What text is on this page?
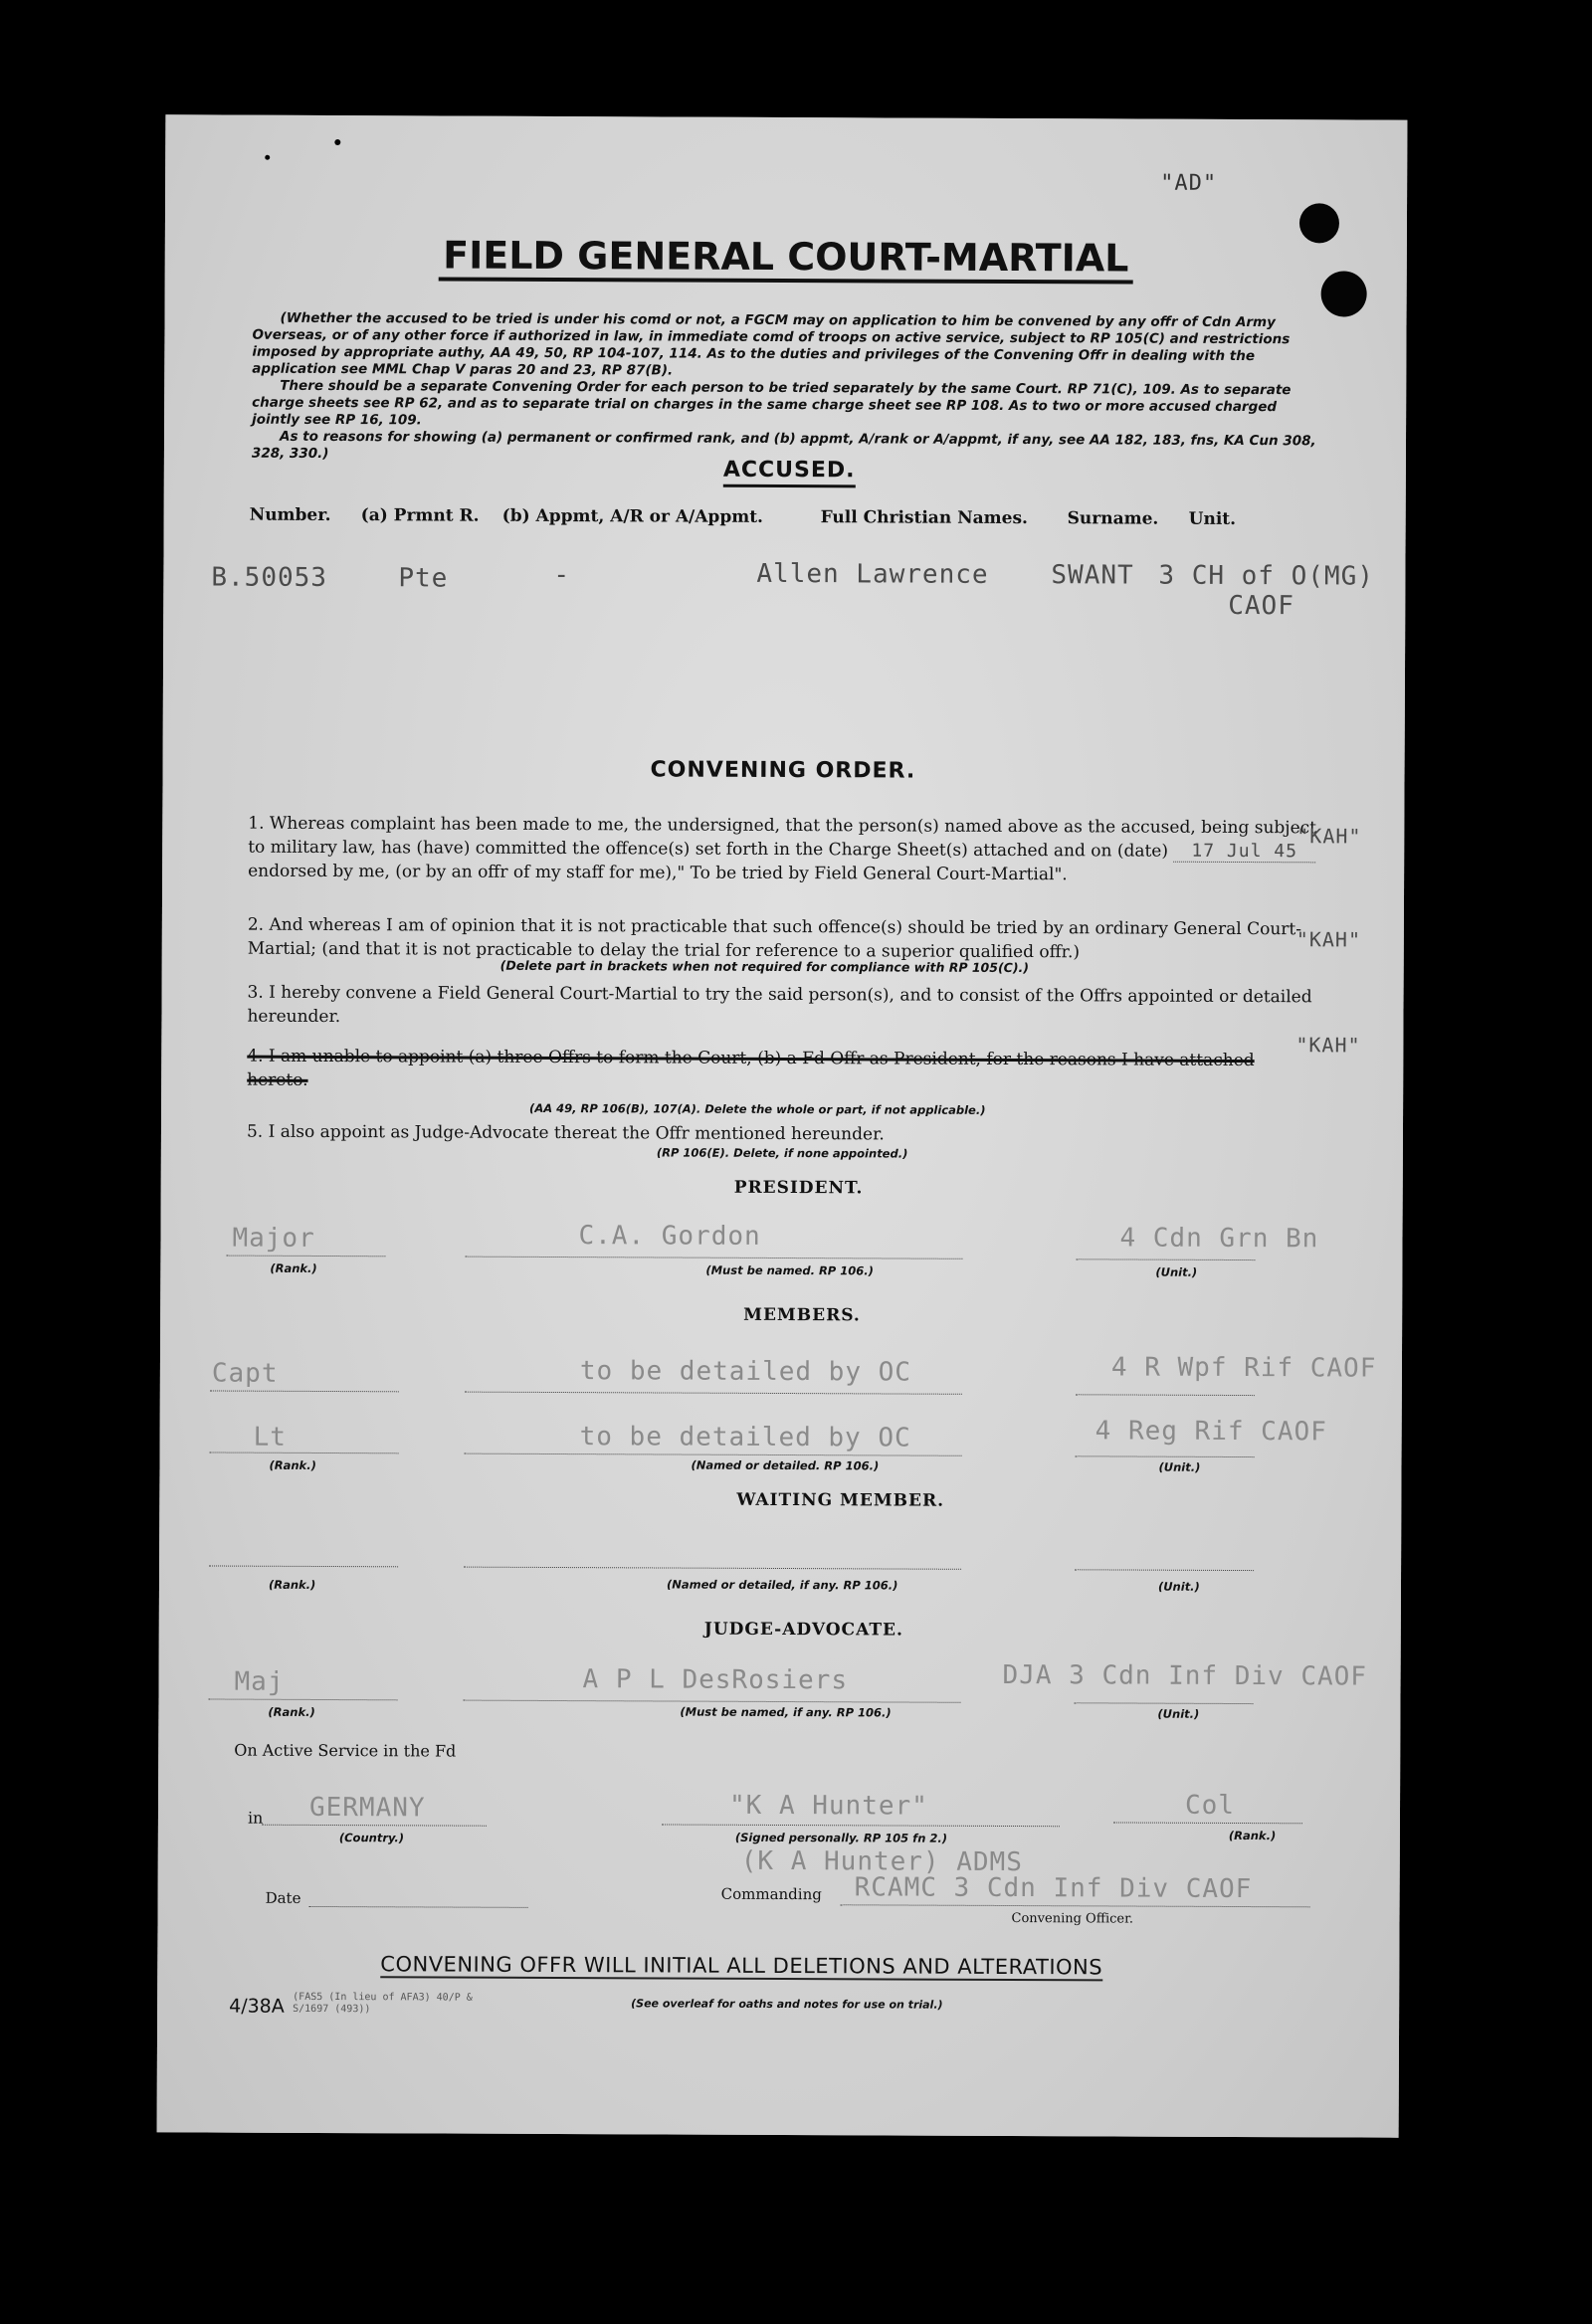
"AD"
FIELD GENERAL COURT-MARTIAL
(Whether the accused to be tried is under his comd or not, a FGCM may on application to him be convened by any offr of Cdn Army Overseas, or of any other force if authorized in law, in immediate comd of troops on active service, subject to RP 105(C) and restrictions imposed by appropriate authy, AA 49, 50, RP 104-107, 114. As to the duties and privileges of the Convening Offr in dealing with the application see MML Chap V paras 20 and 23, RP 87(B).
There should be a separate Convening Order for each person to be tried separately by the same Court. RP 71(C), 109. As to separate charge sheets see RP 62, and as to separate trial on charges in the same charge sheet see RP 108. As to two or more accused charged jointly see RP 16, 109.
As to reasons for showing (a) permanent or confirmed rank, and (b) appmt, A/rank or A/appmt, if any, see AA 182, 183, fns, KA Cun 308, 328, 330.)
ACCUSED.
Number. (a) Prmnt R. (b) Appmt, A/R or A/Appmt.	Full Christian Names. Surname. Unit.
B.50053	Pte	-	Allen Lawrence SWANT 3 CH of O(MG)
CAOF
CONVENING ORDER.
1. Whereas complaint has been made to me, the undersigned, that the person(s) named above as the accused, being subject to military law, has (have) committed the offence(s) set forth in the Charge Sheet(s) attached and on (date) 17 Jul 45 endorsed by me, (or by an offr of my staff for me)," To be tried by Field General Court-Martial".
"KAH"
2. And whereas I am of opinion that it is not practicable that such offence(s) should be tried by an ordinary General Court-Martial; (and that it is not practicable to delay the trial for reference to a superior qualified offr.)	"KAH"
(Delete part in brackets when not required for compliance with RP 105(C).)
3. I hereby convene a Field General Court-Martial to try the said person(s), and to consist of the Offrs appointed or detailed hereunder.
4. I am unable to appoint (a) three Offrs to form the Court, (b) a Fd Offr as President, for the reasons I have attached hereto.
"KAH"
(AA 49, RP 106(B), 107(A). Delete the whole or part, if not applicable.)
5. I also appoint as Judge-Advocate thereat the Offr mentioned hereunder.
(RP 106(E). Delete, if none appointed.)
PRESIDENT.
Major	C.A. Gordon	4 Cdn Grn Bn
(Rank.)	(Must be named. RP 106.)	(Unit.)
MEMBERS.
Capt	to be detailed by OC	4 R Wpf Rif CAOF
Lt	to be detailed by OC	4 Reg Rif CAOF
(Rank.)	(Named or detailed. RP 106.)	(Unit.)
WAITING MEMBER.
(Rank.)	(Named or detailed, if any. RP 106.)	(Unit.)
JUDGE-ADVOCATE.
Maj	A P L DesRosiers	DJA 3 Cdn Inf Div CAOF
(Rank.)	(Must be named, if any. RP 106.)	(Unit.)
On Active Service in the Fd
in GERMANY
(Country.)
"K A Hunter"
(Signed personally. RP 105 fn 2.)
Col
(Rank.)
(K A Hunter) ADMS
Date	Commanding RCAMC 3 Cdn Inf Div CAOF
Convening Officer.
CONVENING OFFR WILL INITIAL ALL DELETIONS AND ALTERATIONS
4/38A (FAS5 (In lieu of AFA3) 40/P & S/1697 (493))	(See overleaf for oaths and notes for use on trial.)
